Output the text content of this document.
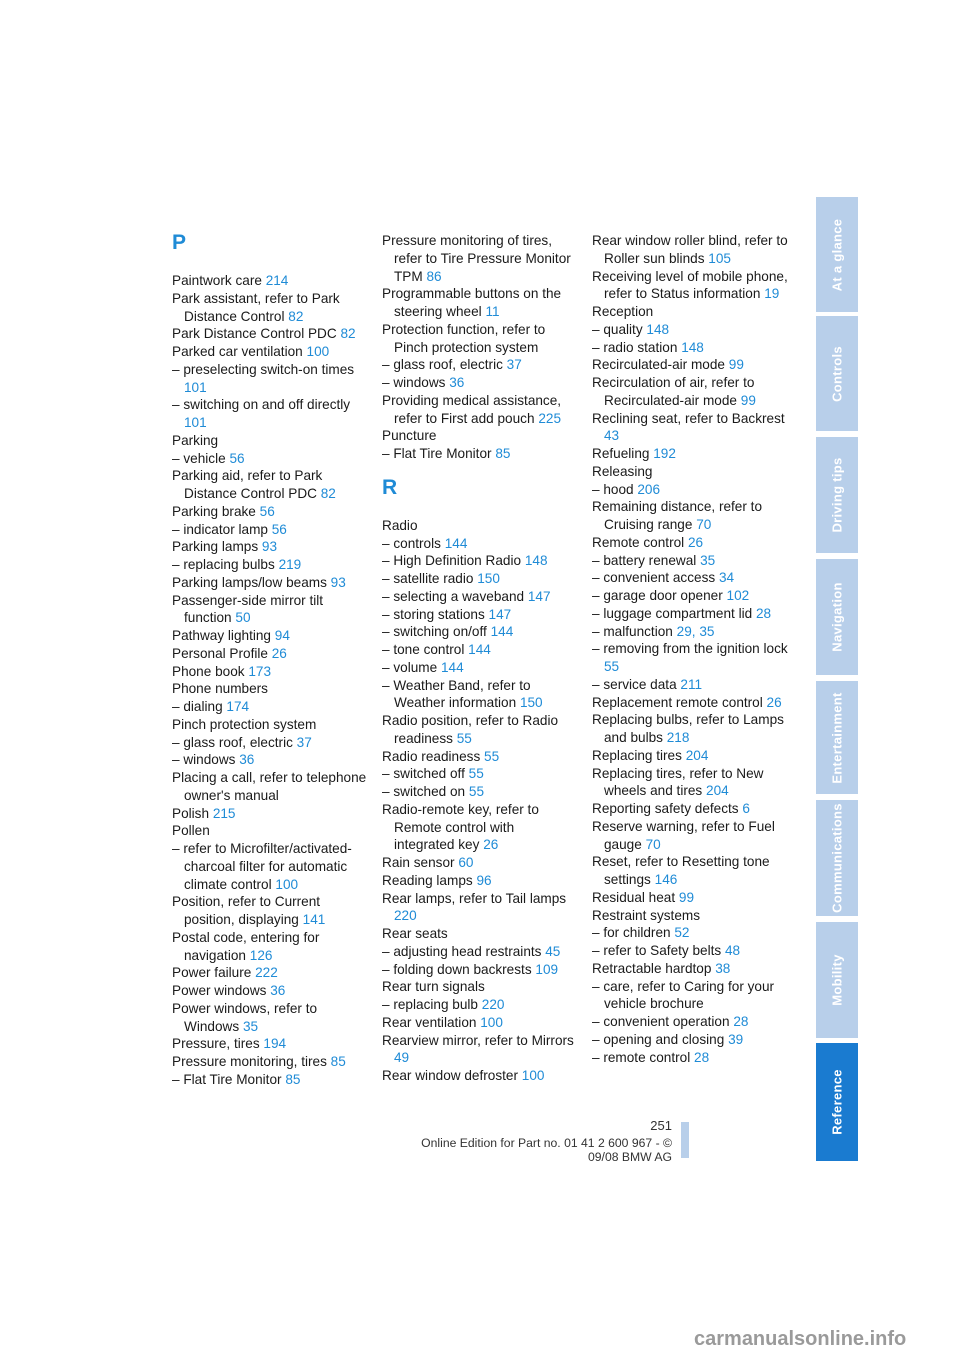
P
Paintwork care 214
Park assistant, refer to Park Distance Control 82
Park Distance Control PDC 82
Parked car ventilation 100
– preselecting switch-on times 101
– switching on and off directly 101
Parking
– vehicle 56
Parking aid, refer to Park Distance Control PDC 82
Parking brake 56
– indicator lamp 56
Parking lamps 93
– replacing bulbs 219
Parking lamps/low beams 93
Passenger-side mirror tilt function 50
Pathway lighting 94
Personal Profile 26
Phone book 173
Phone numbers
– dialing 174
Pinch protection system
– glass roof, electric 37
– windows 36
Placing a call, refer to telephone owner's manual
Polish 215
Pollen
– refer to Microfilter/activated-charcoal filter for automatic climate control 100
Position, refer to Current position, displaying 141
Postal code, entering for navigation 126
Power failure 222
Power windows 36
Power windows, refer to Windows 35
Pressure, tires 194
Pressure monitoring, tires 85
– Flat Tire Monitor 85
Pressure monitoring of tires, refer to Tire Pressure Monitor TPM 86
Programmable buttons on the steering wheel 11
Protection function, refer to Pinch protection system
– glass roof, electric 37
– windows 36
Providing medical assistance, refer to First add pouch 225
Puncture
– Flat Tire Monitor 85
R
Radio
– controls 144
– High Definition Radio 148
– satellite radio 150
– selecting a waveband 147
– storing stations 147
– switching on/off 144
– tone control 144
– volume 144
– Weather Band, refer to Weather information 150
Radio position, refer to Radio readiness 55
Radio readiness 55
– switched off 55
– switched on 55
Radio-remote key, refer to Remote control with integrated key 26
Rain sensor 60
Reading lamps 96
Rear lamps, refer to Tail lamps 220
Rear seats
– adjusting head restraints 45
– folding down backrests 109
Rear turn signals
– replacing bulb 220
Rear ventilation 100
Rearview mirror, refer to Mirrors 49
Rear window defroster 100
Rear window roller blind, refer to Roller sun blinds 105
Receiving level of mobile phone, refer to Status information 19
Reception
– quality 148
– radio station 148
Recirculated-air mode 99
Recirculation of air, refer to Recirculated-air mode 99
Reclining seat, refer to Backrest 43
Refueling 192
Releasing
– hood 206
Remaining distance, refer to Cruising range 70
Remote control 26
– battery renewal 35
– convenient access 34
– garage door opener 102
– luggage compartment lid 28
– malfunction 29, 35
– removing from the ignition lock 55
– service data 211
Replacement remote control 26
Replacing bulbs, refer to Lamps and bulbs 218
Replacing tires 204
Replacing tires, refer to New wheels and tires 204
Reporting safety defects 6
Reserve warning, refer to Fuel gauge 70
Reset, refer to Resetting tone settings 146
Residual heat 99
Restraint systems
– for children 52
– refer to Safety belts 48
Retractable hardtop 38
– care, refer to Caring for your vehicle brochure
– convenient operation 28
– opening and closing 39
– remote control 28
At a glance
Controls
Driving tips
Navigation
Entertainment
Communications
Mobility
Reference
251
Online Edition for Part no. 01 41 2 600 967 - © 09/08 BMW AG
carmanualsonline.info
